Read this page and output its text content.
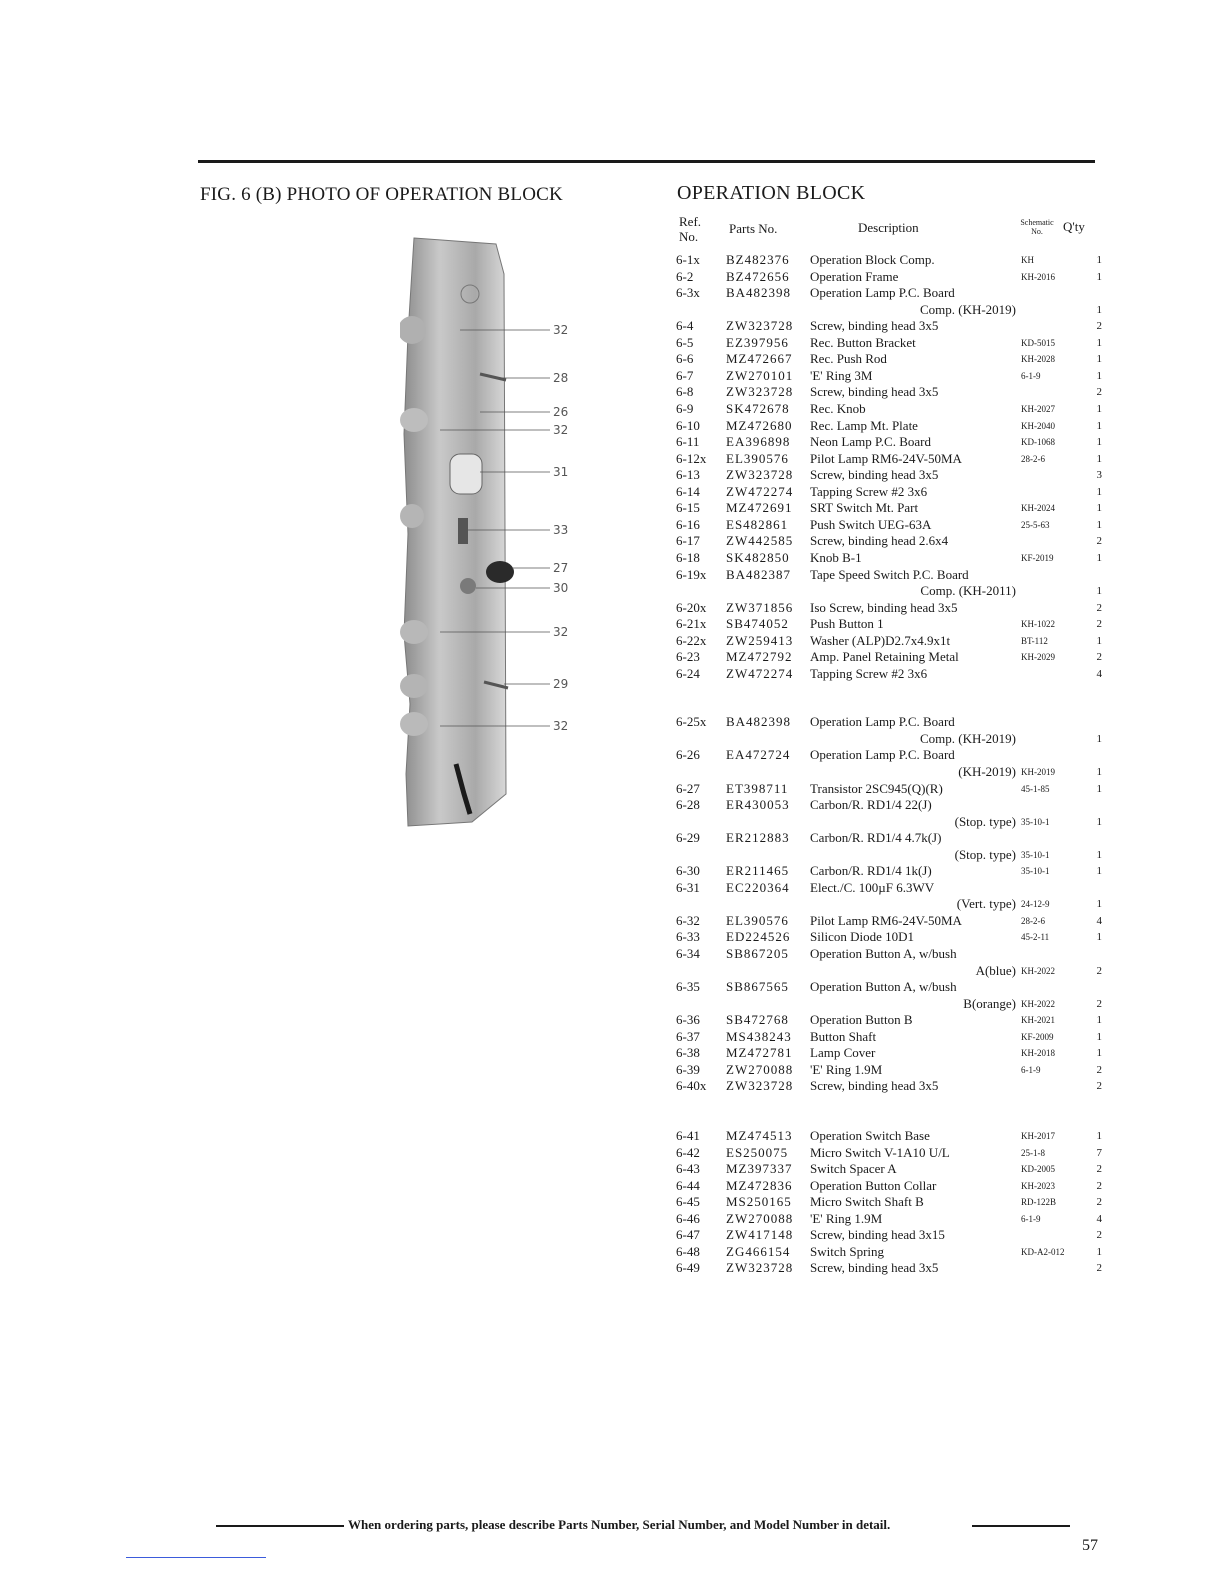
FIG. 6 (B) PHOTO OF OPERATION BLOCK	OPERATION BLOCK
Ref.
No.
Parts No.	Description	Schematic
No.	Q'ty
6-1x BZ482376 Operation Block Comp.	KH	1
6-2	BZ472656 Operation Frame	KH-2016	1
6-3x BA482398 Operation Lamp P.C. Board
Comp. (KH-2019)	1
6-4	ZW323728 Screw, binding head 3x5	2
6-5	EZ397956 Rec. Button Bracket	KD-5015	1
6-6	MZ472667 Rec. Push Rod	KH-2028	1
6-7	ZW270101 'E' Ring 3M	6-1-9	1
6-8	ZW323728 Screw, binding head 3x5	2
6-9	SK472678 Rec. Knob	KH-2027	1
6-10 MZ472680 Rec. Lamp Mt. Plate	KH-2040	1
6-11 EA396898 Neon Lamp P.C. Board	KD-1068	1
6-12x EL390576 Pilot Lamp RM6-24V-50MA	28-2-6	1
6-13 ZW323728 Screw, binding head 3x5	3
6-14 ZW472274 Tapping Screw #2 3x6	1
6-15 MZ472691 SRT Switch Mt. Part	KH-2024	1
6-16 ES482861 Push Switch UEG-63A	25-5-63	1
6-17 ZW442585 Screw, binding head 2.6x4	2
6-18 SK482850 Knob B-1	KF-2019	1
6-19x BA482387 Tape Speed Switch P.C. Board
Comp. (KH-2011)	1
6-20x ZW371856 Iso Screw, binding head 3x5	2
6-21x SB474052 Push Button 1	KH-1022	2
6-22x ZW259413 Washer (ALP)D2.7x4.9x1t	BT-112	1
6-23 MZ472792 Amp. Panel Retaining Metal	KH-2029	2
6-24 ZW472274 Tapping Screw #2 3x6	4
6-25x BA482398 Operation Lamp P.C. Board
Comp. (KH-2019)	1
6-26 EA472724 Operation Lamp P.C. Board
(KH-2019) KH-2019	1
6-27 ET398711 Transistor 2SC945(Q)(R)	45-1-85	1
6-28 ER430053 Carbon/R. RD1/4 22(J)
(Stop. type) 35-10-1	1
6-29 ER212883 Carbon/R. RD1/4 4.7k(J)
(Stop. type) 35-10-1	1
6-30 ER211465 Carbon/R. RD1/4 1k(J)	35-10-1	1
6-31 EC220364 Elect./C. 100µF 6.3WV
(Vert. type) 24-12-9	1
6-32 EL390576 Pilot Lamp RM6-24V-50MA	28-2-6	4
6-33 ED224526 Silicon Diode 10D1	45-2-11	1
6-34 SB867205 Operation Button A, w/bush
A(blue) KH-2022	2
6-35 SB867565 Operation Button A, w/bush
B(orange) KH-2022	2
6-36 SB472768 Operation Button B	KH-2021	1
6-37 MS438243 Button Shaft	KF-2009	1
6-38 MZ472781 Lamp Cover	KH-2018	1
6-39 ZW270088 'E' Ring 1.9M	6-1-9	2
6-40x ZW323728 Screw, binding head 3x5	2
6-41 MZ474513 Operation Switch Base	KH-2017	1
6-42 ES250075 Micro Switch V-1A10 U/L	25-1-8	7
6-43 MZ397337 Switch Spacer A	KD-2005	2
6-44 MZ472836 Operation Button Collar	KH-2023	2
6-45 MS250165 Micro Switch Shaft B	RD-122B	2
6-46 ZW270088 'E' Ring 1.9M	6-1-9	4
6-47 ZW417148 Screw, binding head 3x15	2
6-48 ZG466154 Switch Spring	KD-A2-012	1
6-49 ZW323728 Screw, binding head 3x5	2
32
28
26
32
31
33
27
30
32
29
32
When ordering parts, please describe Parts Number, Serial Number, and Model Number in detail.
57
